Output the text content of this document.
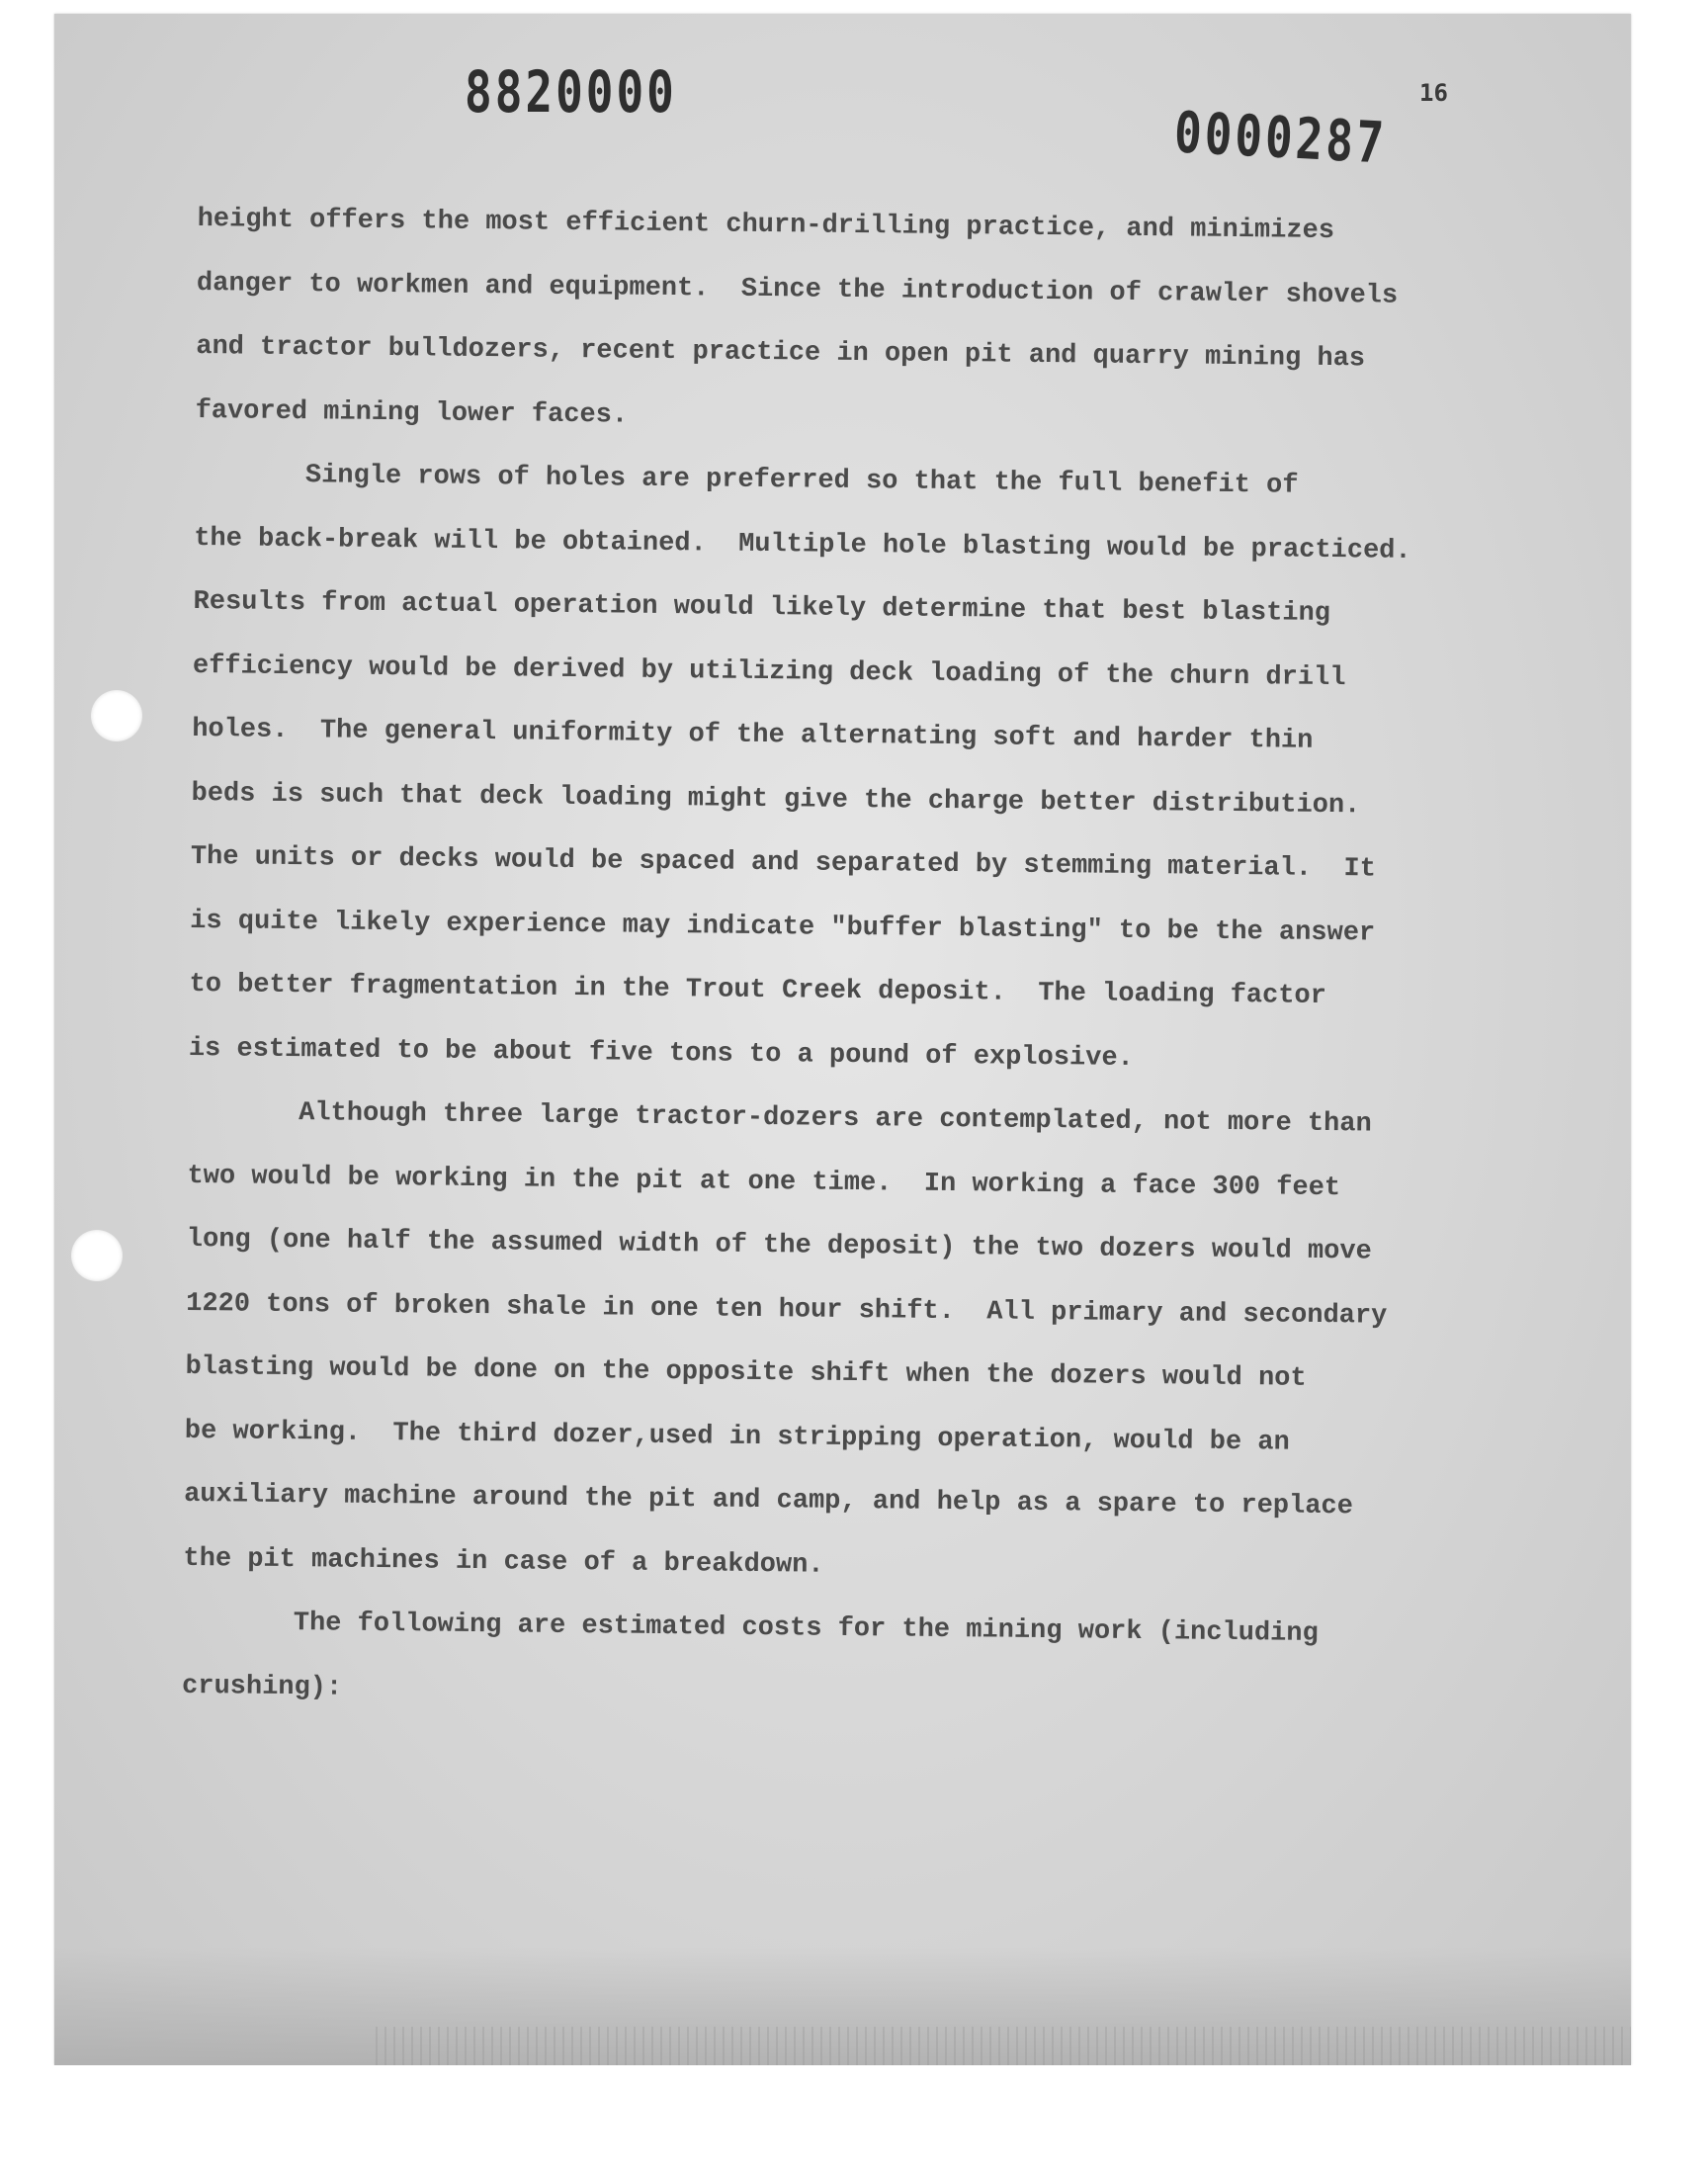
8820000
0000287
16
height offers the most efficient churn-drilling practice, and minimizes
danger to workmen and equipment.  Since the introduction of crawler shovels
and tractor bulldozers, recent practice in open pit and quarry mining has
favored mining lower faces.
Single rows of holes are preferred so that the full benefit of
the back-break will be obtained.  Multiple hole blasting would be practiced.
Results from actual operation would likely determine that best blasting
efficiency would be derived by utilizing deck loading of the churn drill
holes.  The general uniformity of the alternating soft and harder thin
beds is such that deck loading might give the charge better distribution.
The units or decks would be spaced and separated by stemming material.  It
is quite likely experience may indicate "buffer blasting" to be the answer
to better fragmentation in the Trout Creek deposit.  The loading factor
is estimated to be about five tons to a pound of explosive.
Although three large tractor-dozers are contemplated, not more than
two would be working in the pit at one time.  In working a face 300 feet
long (one half the assumed width of the deposit) the two dozers would move
1220 tons of broken shale in one ten hour shift.  All primary and secondary
blasting would be done on the opposite shift when the dozers would not
be working.  The third dozer,used in stripping operation, would be an
auxiliary machine around the pit and camp, and help as a spare to replace
the pit machines in case of a breakdown.
The following are estimated costs for the mining work (including
crushing):
